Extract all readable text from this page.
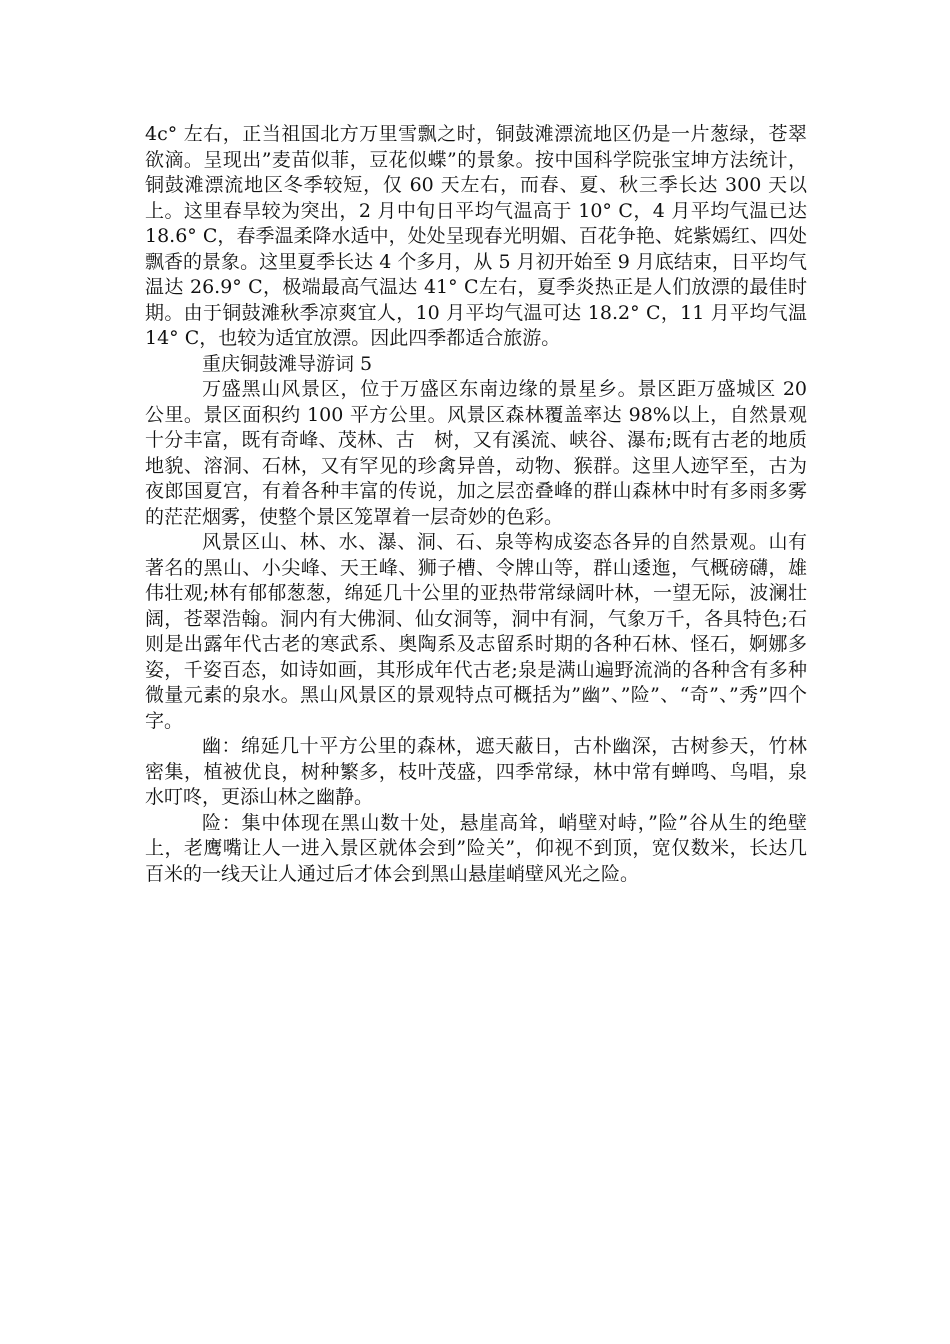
4c° 左右，正当祖国北方万里雪飘之时，铜鼓滩漂流地区仍是一片葱绿，苍翠欲滴。呈现出”麦苗似菲，豆花似蝶”的景象。按中国科学院张宝坤方法统计，铜鼓滩漂流地区冬季较短，仅 60 天左右，而春、夏、秋三季长达 300 天以上。这里春旱较为突出，2 月中旬日平均气温高于 10° C，4 月平均气温已达 18.6° C，春季温柔降水适中，处处呈现春光明媚、百花争艳、姹紫嫣红、四处飘香的景象。这里夏季长达 4 个多月，从 5 月初开始至 9 月底结束，日平均气温达 26.9° C，极端最高气温达 41° C左右，夏季炎热正是人们放漂的最佳时期。由于铜鼓滩秋季凉爽宜人，10 月平均气温可达 18.2° C，11 月平均气温 14° C，也较为适宜放漂。因此四季都适合旅游。

重庆铜鼓滩导游词 5

万盛黑山风景区，位于万盛区东南边缘的景星乡。景区距万盛城区 20 公里。景区面积约 100 平方公里。风景区森林覆盖率达 98%以上，自然景观十分丰富，既有奇峰、茂林、古　树，又有溪流、峡谷、瀑布;既有古老的地质地貌、溶洞、石林，又有罕见的珍禽异兽，动物、猴群。这里人迹罕至，古为夜郎国夏宫，有着各种丰富的传说，加之层峦叠峰的群山森林中时有多雨多雾的茫茫烟雾，使整个景区笼罩着一层奇妙的色彩。

风景区山、林、水、瀑、洞、石、泉等构成姿态各异的自然景观。山有著名的黑山、小尖峰、天王峰、狮子槽、令牌山等，群山逶迤，气概磅礴，雄伟壮观;林有郁郁葱葱，绵延几十公里的亚热带常绿阔叶林，一望无际，波澜壮阔，苍翠浩翰。洞内有大佛洞、仙女洞等，洞中有洞，气象万千，各具特色;石则是出露年代古老的寒武系、奥陶系及志留系时期的各种石林、怪石，婀娜多姿，千姿百态，如诗如画，其形成年代古老;泉是满山遍野流淌的各种含有多种微量元素的泉水。黑山风景区的景观特点可概括为”幽”、”险”、“奇”、”秀”四个字。

幽：绵延几十平方公里的森林，遮天蔽日，古朴幽深，古树参天，竹林密集，植被优良，树种繁多，枝叶茂盛，四季常绿，林中常有蝉鸣、鸟唱，泉水叮咚，更添山林之幽静。

险：集中体现在黑山数十处，悬崖高耸，峭壁对峙，”险”谷从生的绝壁上，老鹰嘴让人一进入景区就体会到”险关”，仰视不到顶，宽仅数米，长达几百米的一线天让人通过后才体会到黑山悬崖峭壁风光之险。
